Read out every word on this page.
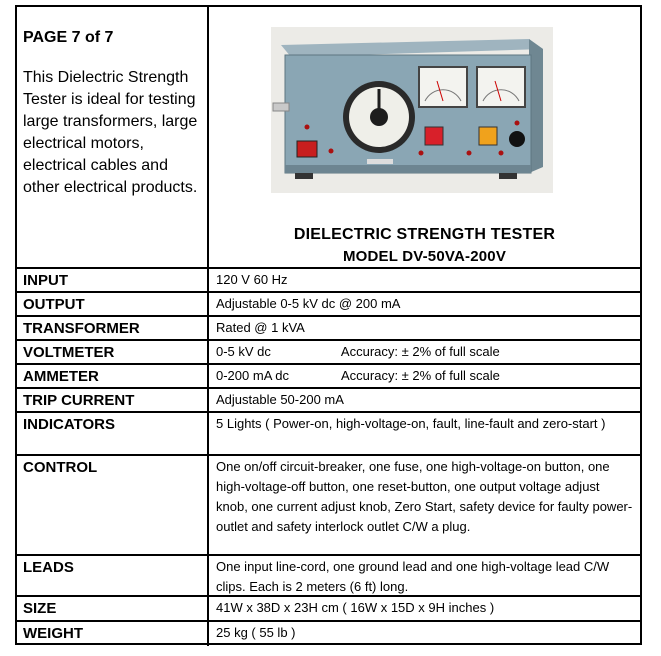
PAGE 7 of 7

This Dielectric Strength Tester is ideal for testing large transformers, large electrical motors, electrical cables and other electrical products.

DIELECTRIC STRENGTH TESTER
MODEL DV-50VA-200V
INPUT	120 V 60 Hz
OUTPUT	Adjustable 0-5 kV dc @ 200 mA
TRANSFORMER	Rated @ 1 kVA
VOLTMETER	0-5 kV dc	Accuracy: ± 2% of full scale
AMMETER	0-200 mA dc	Accuracy: ± 2% of full scale
TRIP CURRENT	Adjustable 50-200 mA
INDICATORS	5 Lights ( Power-on, high-voltage-on, fault, line-fault and zero-start )
CONTROL	One on/off circuit-breaker, one fuse, one high-voltage-on button, one high-voltage-off button, one reset-button, one output voltage adjust knob, one current adjust knob, Zero Start, safety device for faulty power-outlet and safety interlock outlet C/W a plug.
LEADS	One input line-cord, one ground lead and one high-voltage lead C/W clips. Each is 2 meters (6 ft) long.
SIZE	41W x 38D x 23H cm ( 16W x 15D x 9H inches )
WEIGHT	25 kg ( 55 lb )
